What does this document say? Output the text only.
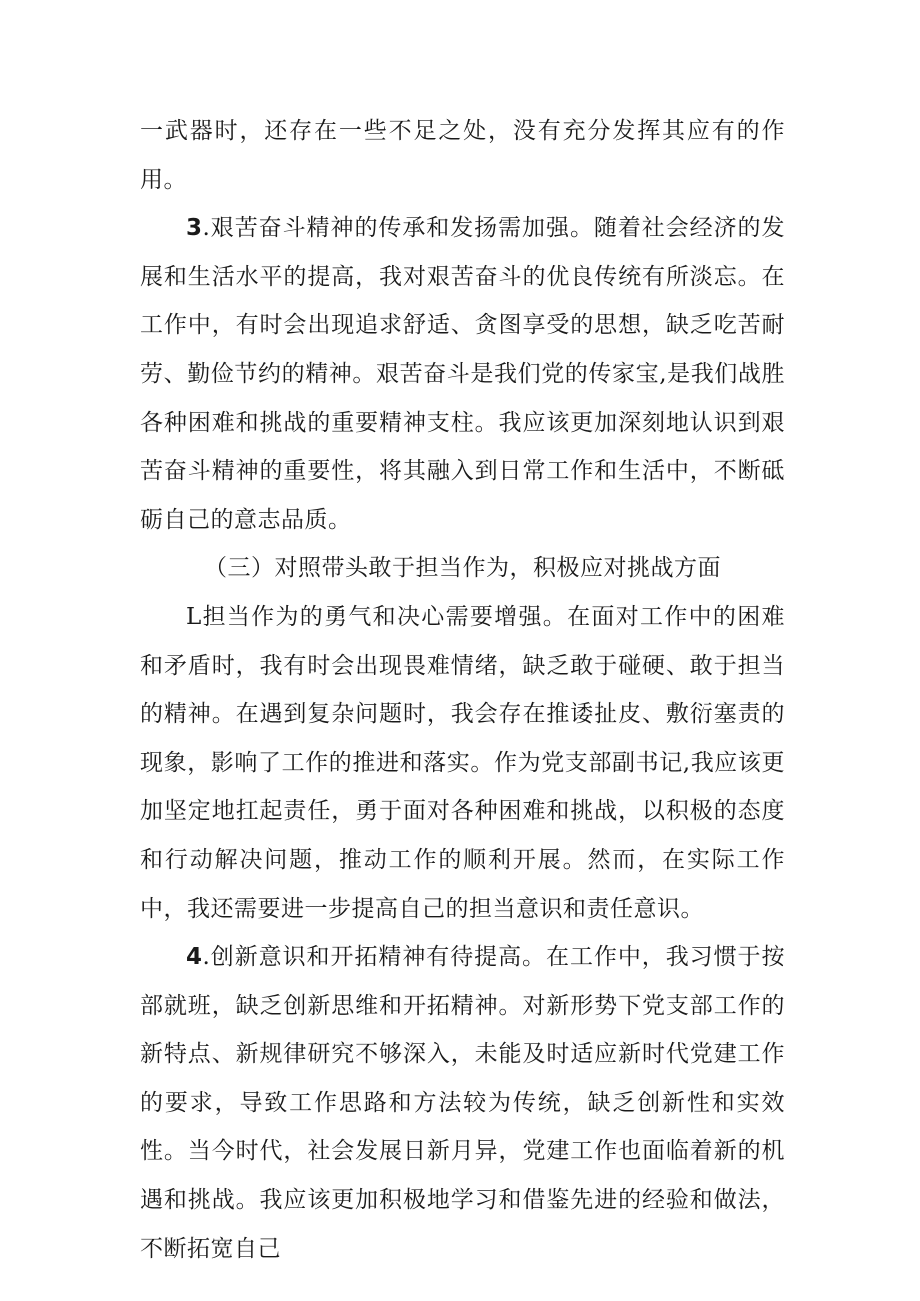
一武器时，还存在一些不足之处，没有充分发挥其应有的作用。

3.艰苦奋斗精神的传承和发扬需加强。随着社会经济的发展和生活水平的提高，我对艰苦奋斗的优良传统有所淡忘。在工作中，有时会出现追求舒适、贪图享受的思想，缺乏吃苦耐劳、勤俭节约的精神。艰苦奋斗是我们党的传家宝,是我们战胜各种困难和挑战的重要精神支柱。我应该更加深刻地认识到艰苦奋斗精神的重要性，将其融入到日常工作和生活中，不断砥砺自己的意志品质。

（三）对照带头敢于担当作为，积极应对挑战方面

L担当作为的勇气和决心需要增强。在面对工作中的困难和矛盾时，我有时会出现畏难情绪，缺乏敢于碰硬、敢于担当的精神。在遇到复杂问题时，我会存在推诿扯皮、敷衍塞责的现象，影响了工作的推进和落实。作为党支部副书记,我应该更加坚定地扛起责任，勇于面对各种困难和挑战，以积极的态度和行动解决问题，推动工作的顺利开展。然而，在实际工作中，我还需要进一步提高自己的担当意识和责任意识。

4.创新意识和开拓精神有待提高。在工作中，我习惯于按部就班，缺乏创新思维和开拓精神。对新形势下党支部工作的新特点、新规律研究不够深入，未能及时适应新时代党建工作的要求，导致工作思路和方法较为传统，缺乏创新性和实效性。当今时代，社会发展日新月异，党建工作也面临着新的机遇和挑战。我应该更加积极地学习和借鉴先进的经验和做法，不断拓宽自己
